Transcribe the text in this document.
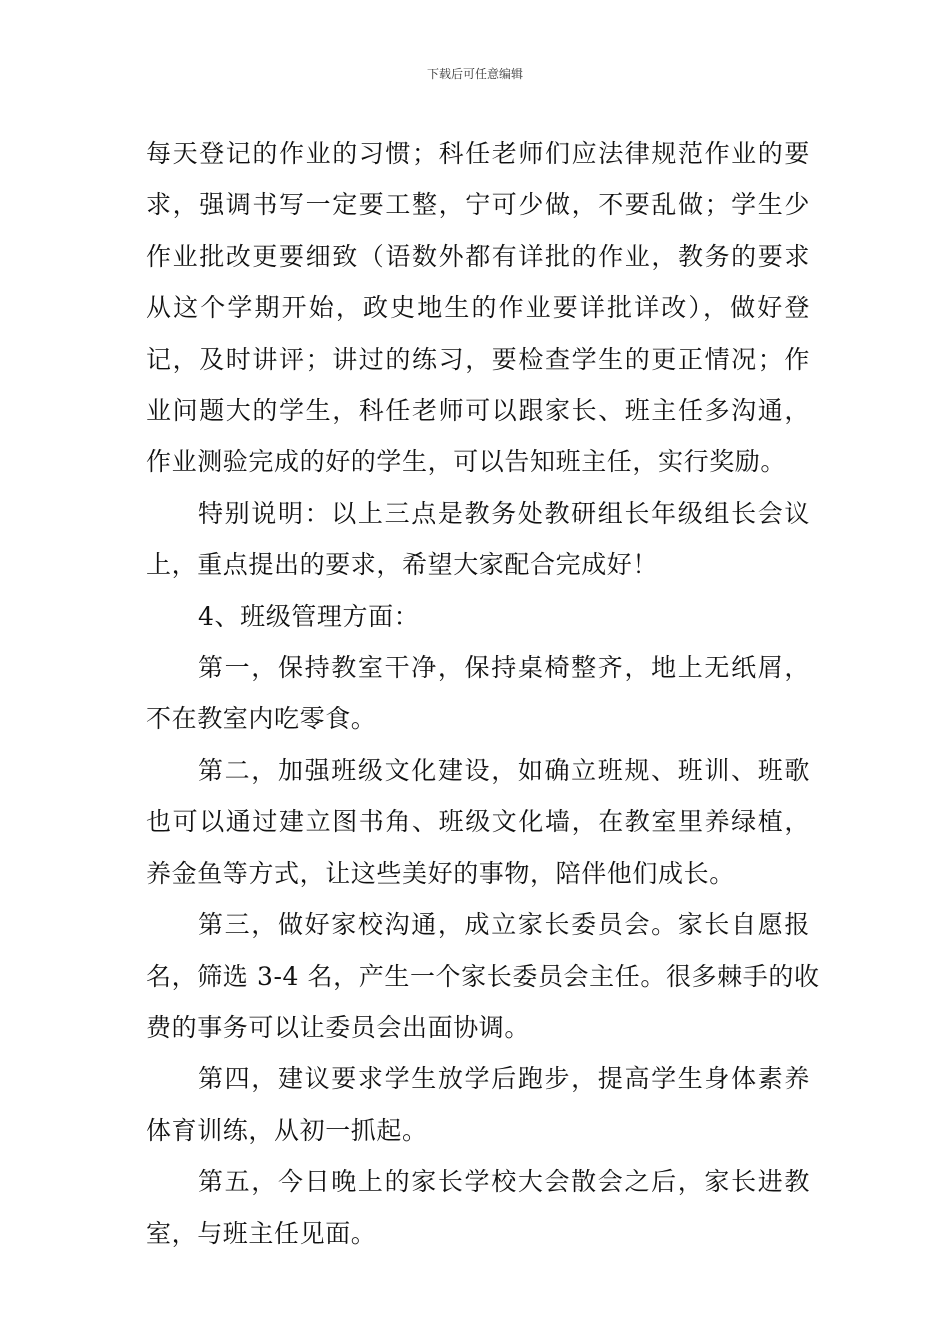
下载后可任意编辑
每天登记的作业的习惯；科任老师们应法律规范作业的要
求，强调书写一定要工整，宁可少做，不要乱做；学生少
作业批改更要细致（语数外都有详批的作业，教务的要求
从这个学期开始，政史地生的作业要详批详改），做好登
记，及时讲评；讲过的练习，要检查学生的更正情况；作
业问题大的学生，科任老师可以跟家长、班主任多沟通，
作业测验完成的好的学生，可以告知班主任，实行奖励。
特别说明：以上三点是教务处教研组长年级组长会议
上，重点提出的要求，希望大家配合完成好！
4、班级管理方面：
第一，保持教室干净，保持桌椅整齐，地上无纸屑，
不在教室内吃零食。
第二，加强班级文化建设，如确立班规、班训、班歌
也可以通过建立图书角、班级文化墙，在教室里养绿植，
养金鱼等方式，让这些美好的事物，陪伴他们成长。
第三，做好家校沟通，成立家长委员会。家长自愿报
名，筛选 3-4 名，产生一个家长委员会主任。很多棘手的收
费的事务可以让委员会出面协调。
第四，建议要求学生放学后跑步，提高学生身体素养
体育训练，从初一抓起。
第五，今日晚上的家长学校大会散会之后，家长进教
室，与班主任见面。
